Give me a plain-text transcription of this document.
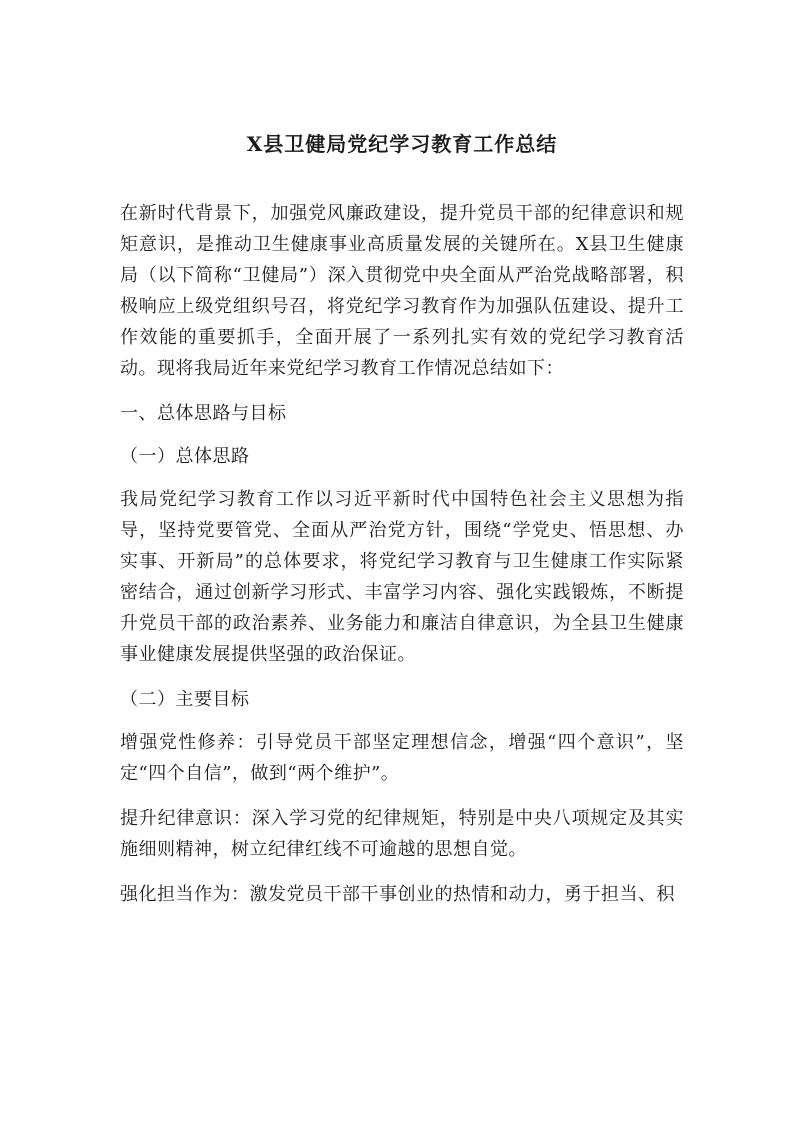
X县卫健局党纪学习教育工作总结

在新时代背景下，加强党风廉政建设，提升党员干部的纪律意识和规矩意识，是推动卫生健康事业高质量发展的关键所在。X县卫生健康局（以下简称“卫健局”）深入贯彻党中央全面从严治党战略部署，积极响应上级党组织号召，将党纪学习教育作为加强队伍建设、提升工作效能的重要抓手，全面开展了一系列扎实有效的党纪学习教育活动。现将我局近年来党纪学习教育工作情况总结如下：

一、总体思路与目标

（一）总体思路

我局党纪学习教育工作以习近平新时代中国特色社会主义思想为指导，坚持党要管党、全面从严治党方针，围绕“学党史、悟思想、办实事、开新局”的总体要求，将党纪学习教育与卫生健康工作实际紧密结合，通过创新学习形式、丰富学习内容、强化实践锻炼，不断提升党员干部的政治素养、业务能力和廉洁自律意识，为全县卫生健康事业健康发展提供坚强的政治保证。

（二）主要目标

增强党性修养：引导党员干部坚定理想信念，增强“四个意识”，坚定“四个自信”，做到“两个维护”。

提升纪律意识：深入学习党的纪律规矩，特别是中央八项规定及其实施细则精神，树立纪律红线不可逾越的思想自觉。

强化担当作为：激发党员干部干事创业的热情和动力，勇于担当、积
